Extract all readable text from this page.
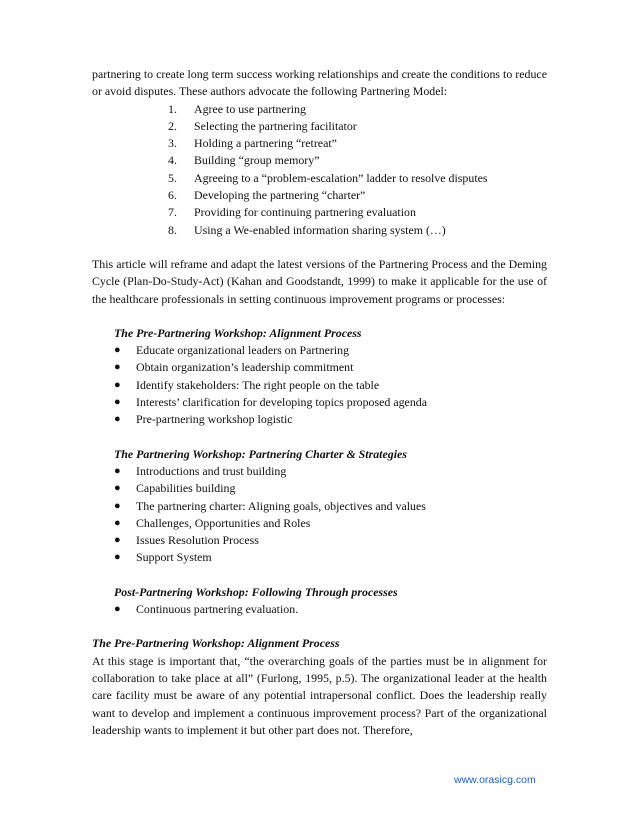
partnering to create long term success working relationships and create the conditions to reduce or avoid disputes. These authors advocate the following Partnering Model:

1.	Agree to use partnering
2.	Selecting the partnering facilitator
3.	Holding a partnering “retreat”
4.	Building “group memory”
5.	Agreeing to a “problem-escalation” ladder to resolve disputes
6.	Developing the partnering “charter”
7.	Providing for continuing partnering evaluation
8.	Using a We-enabled information sharing system (…)

This article will reframe and adapt the latest versions of the Partnering Process and the Deming Cycle (Plan-Do-Study-Act) (Kahan and Goodstandt, 1999) to make it applicable for the use of the healthcare professionals in setting continuous improvement programs or processes:

The Pre-Partnering Workshop: Alignment Process

●	Educate organizational leaders on Partnering
●	Obtain organization’s leadership commitment
●	Identify stakeholders: The right people on the table
●	Interests’ clarification for developing topics proposed agenda
●	Pre-partnering workshop logistic

The Partnering Workshop: Partnering Charter & Strategies

●	Introductions and trust building
●	Capabilities building
●	The partnering charter: Aligning goals, objectives and values
●	Challenges, Opportunities and Roles
●	Issues Resolution Process
●	Support System

Post-Partnering Workshop: Following Through processes

●	Continuous partnering evaluation.

The Pre-Partnering Workshop: Alignment Process

At this stage is important that, “the overarching goals of the parties must be in alignment for collaboration to take place at all” (Furlong, 1995, p.5). The organizational leader at the health care facility must be aware of any potential intrapersonal conflict. Does the leadership really want to develop and implement a continuous improvement process? Part of the organizational leadership wants to implement it but other part does not. Therefore,

www.orasicg.com
